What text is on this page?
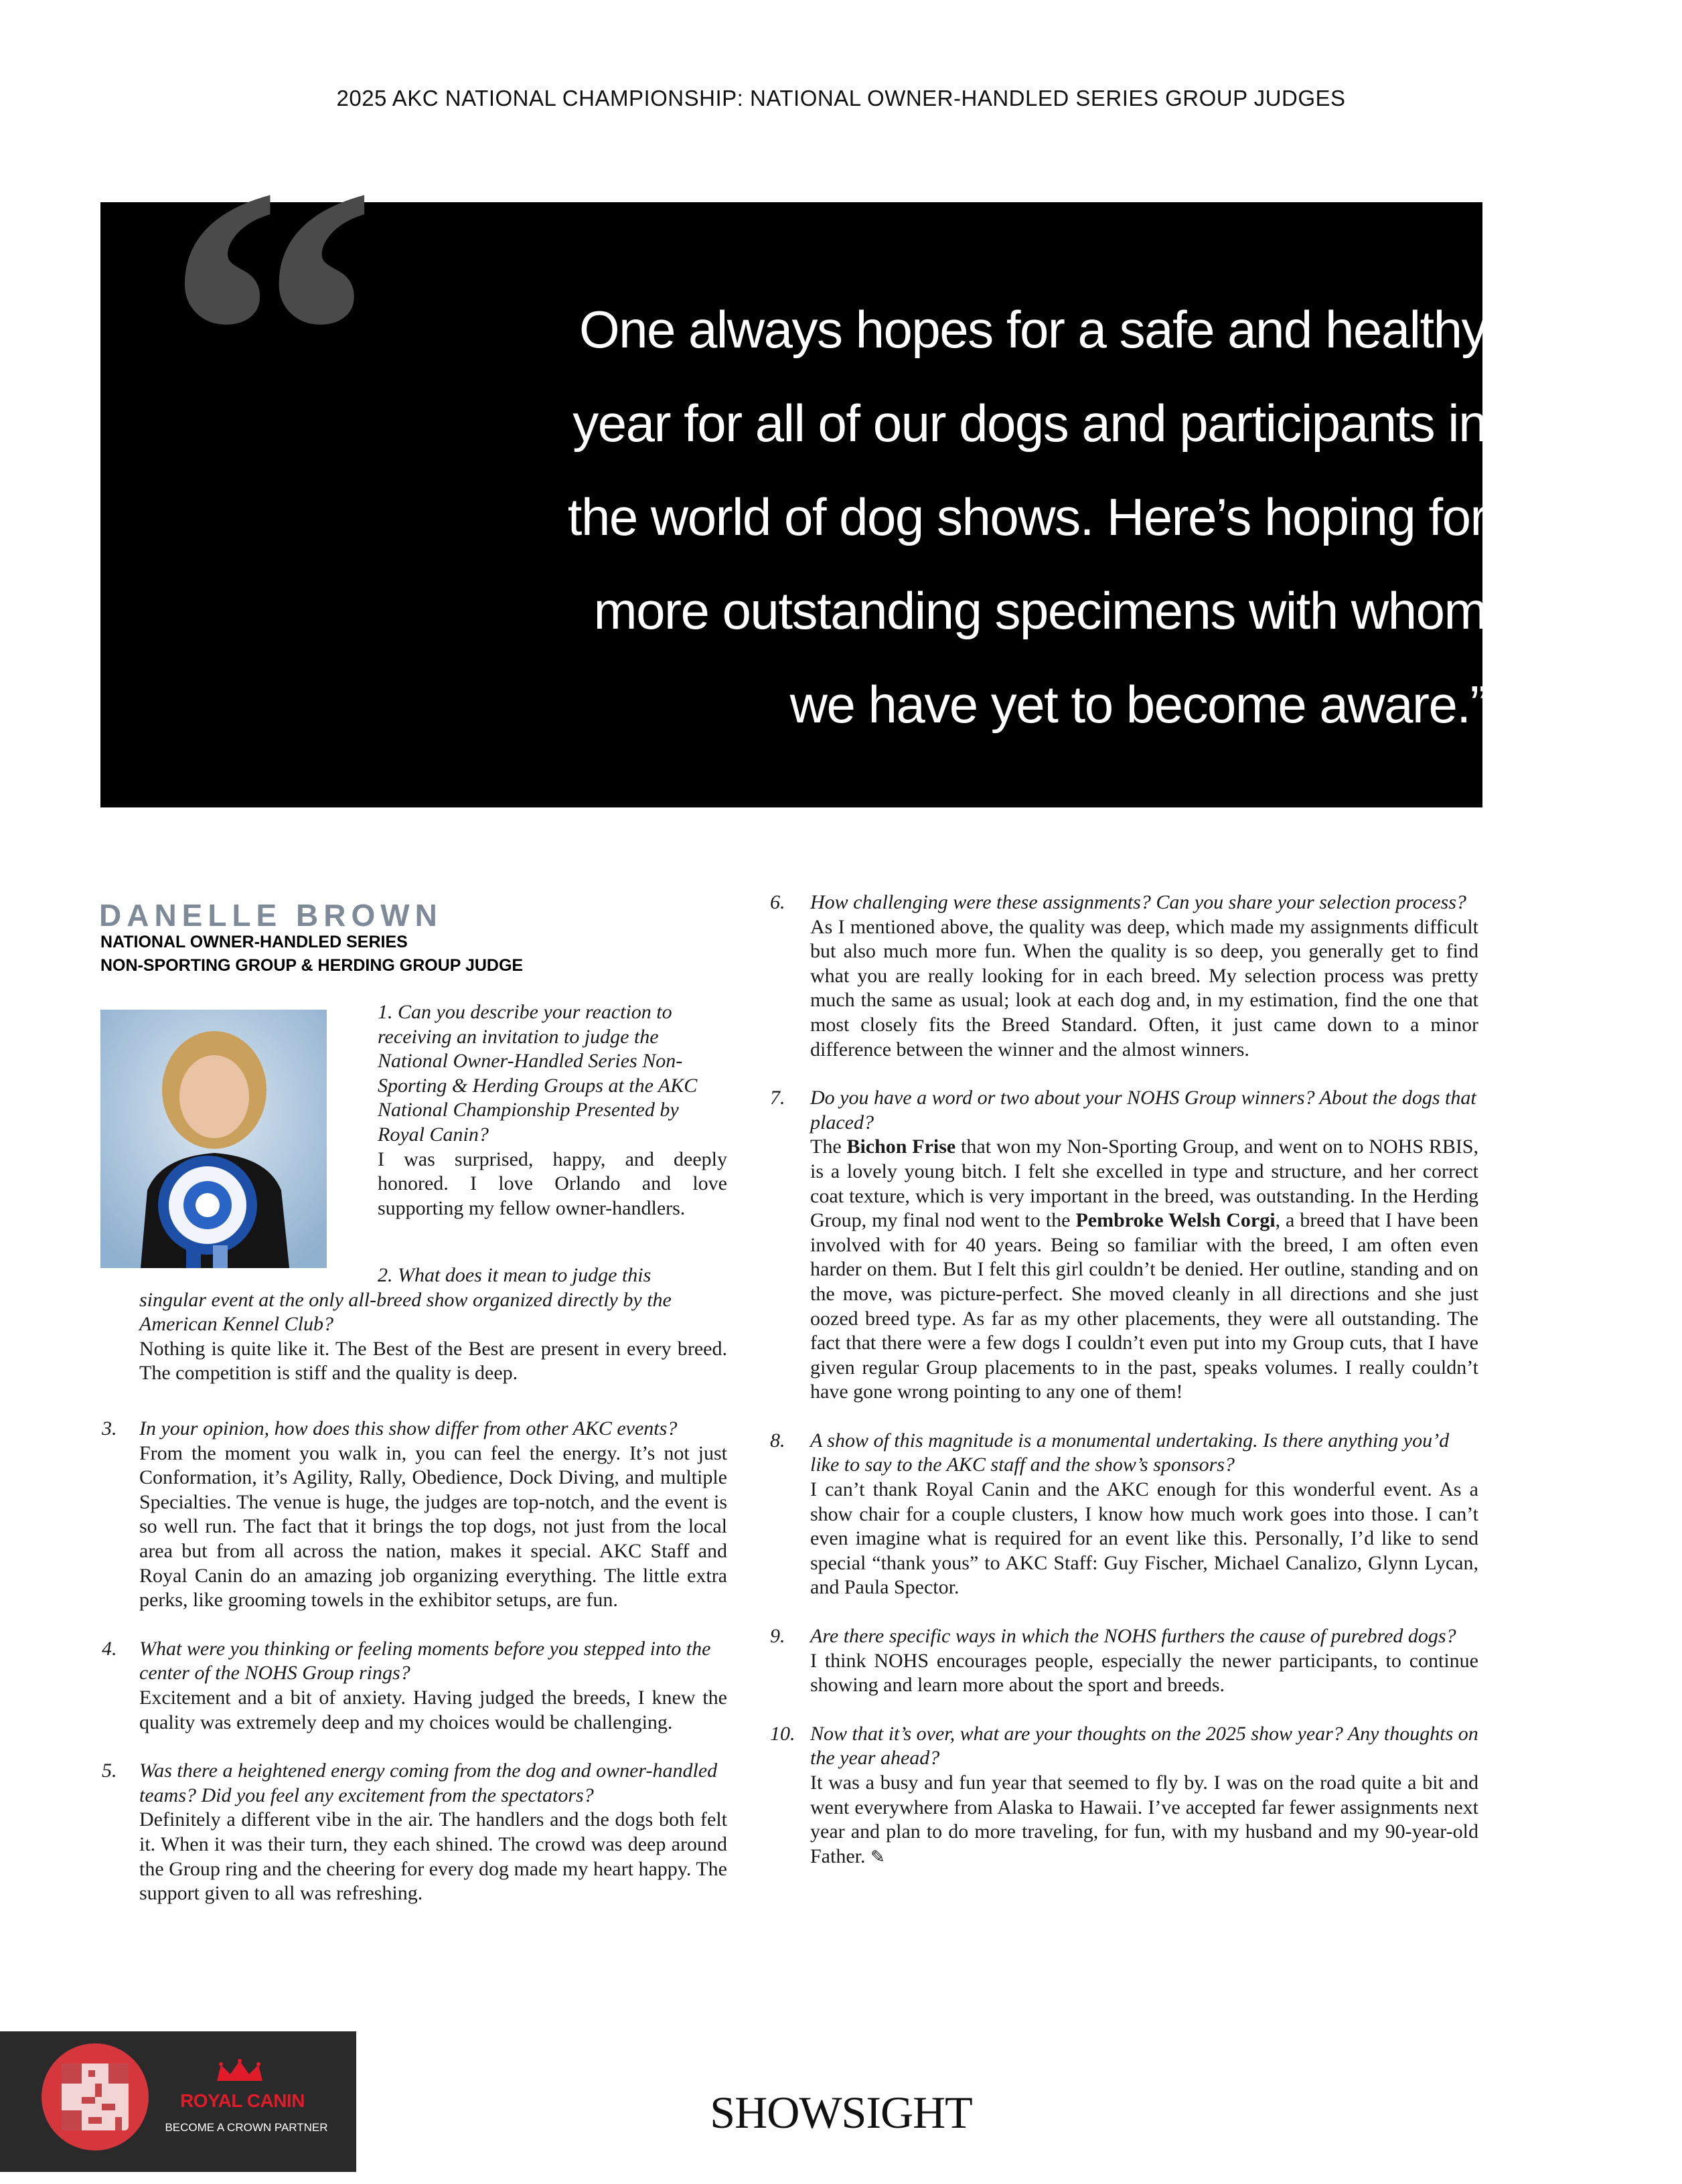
2025 AKC NATIONAL CHAMPIONSHIP: NATIONAL OWNER-HANDLED SERIES GROUP JUDGES
“	One always hopes for a safe and healthy
year for all of our dogs and participants in
the world of dog shows. Here’s hoping for
more outstanding specimens with whom
we have yet to become aware.”
DANELLE BROWN
NATIONAL OWNER-HANDLED SERIES
NON-SPORTING GROUP & HERDING GROUP JUDGE

1. Can you describe your reaction to receiving an invitation to judge the National Owner-Handled Series Non-Sporting & Herding Groups at the AKC National Championship Presented by Royal Canin?

I was surprised, happy, and deeply honored. I love Orlando and love supporting my fellow owner-handlers.

2. What does it mean to judge this

singular event at the only all-breed show organized directly by the American Kennel Club?

Nothing is quite like it. The Best of the Best are present in every breed. The competition is stiff and the quality is deep.

3. In your opinion, how does this show differ from other AKC events?

From the moment you walk in, you can feel the energy. It’s not just Conformation, it’s Agility, Rally, Obedience, Dock Diving, and multiple Specialties. The venue is huge, the judges are top-notch, and the event is so well run. The fact that it brings the top dogs, not just from the local area but from all across the nation, makes it special. AKC Staff and Royal Canin do an amazing job organizing everything. The little extra perks, like grooming towels in the exhibitor setups, are fun.

4. What were you thinking or feeling moments before you stepped into the center of the NOHS Group rings?

Excitement and a bit of anxiety. Having judged the breeds, I knew the quality was extremely deep and my choices would be challenging.

5. Was there a heightened energy coming from the dog and owner-handled teams? Did you feel any excitement from the spectators?

Definitely a different vibe in the air. The handlers and the dogs both felt it. When it was their turn, they each shined. The crowd was deep around the Group ring and the cheering for every dog made my heart happy. The support given to all was refreshing.

6. How challenging were these assignments? Can you share your selection process?

As I mentioned above, the quality was deep, which made my assignments difficult but also much more fun. When the quality is so deep, you generally get to find what you are really looking for in each breed. My selection process was pretty much the same as usual; look at each dog and, in my estimation, find the one that most closely fits the Breed Standard. Often, it just came down to a minor difference between the winner and the almost winners.

7. Do you have a word or two about your NOHS Group winners? About the dogs that placed?

The Bichon Frise that won my Non-Sporting Group, and went on to NOHS RBIS, is a lovely young bitch. I felt she excelled in type and structure, and her correct coat texture, which is very important in the breed, was outstanding. In the Herding Group, my final nod went to the Pembroke Welsh Corgi, a breed that I have been involved with for 40 years. Being so familiar with the breed, I am often even harder on them. But I felt this girl couldn’t be denied. Her outline, standing and on the move, was picture-perfect. She moved cleanly in all directions and she just oozed breed type. As far as my other placements, they were all outstanding. The fact that there were a few dogs I couldn’t even put into my Group cuts, that I have given regular Group placements to in the past, speaks volumes. I really couldn’t have gone wrong pointing to any one of them!

8. A show of this magnitude is a monumental undertaking. Is there anything you’d like to say to the AKC staff and the show’s sponsors?

I can’t thank Royal Canin and the AKC enough for this wonderful event. As a show chair for a couple clusters, I know how much work goes into those. I can’t even imagine what is required for an event like this. Personally, I’d like to send special “thank yous” to AKC Staff: Guy Fischer, Michael Canalizo, Glynn Lycan, and Paula Spector.

9. Are there specific ways in which the NOHS furthers the cause of purebred dogs?

I think NOHS encourages people, especially the newer participants, to continue showing and learn more about the sport and breeds.

10. Now that it’s over, what are your thoughts on the 2025 show year? Any thoughts on the year ahead?

It was a busy and fun year that seemed to fly by. I was on the road quite a bit and went everywhere from Alaska to Hawaii. I’ve accepted far fewer assignments next year and plan to do more traveling, for fun, with my husband and my 90-year-old Father. ✎

ROYAL CANIN
BECOME A CROWN PARTNER	SHOWSIGHT
